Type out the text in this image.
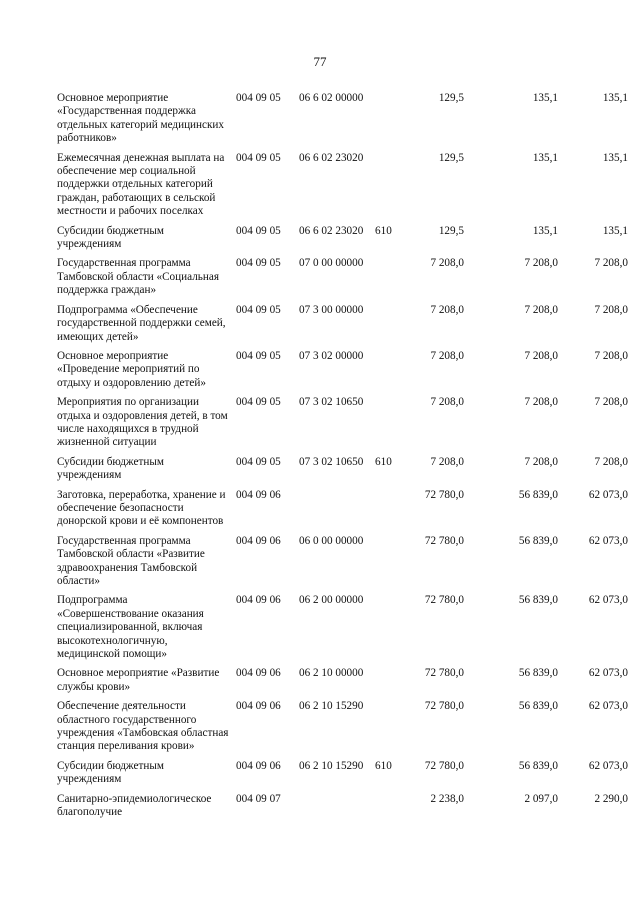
77
Основное мероприятие «Государственная поддержка отдельных категорий медицинских работников»
004 09 05	06 6 02 00000	129,5	135,1	135,1
Ежемесячная денежная выплата на обеспечение мер социальной поддержки отдельных категорий граждан, работающих в сельской местности и рабочих поселках
004 09 05	06 6 02 23020	129,5	135,1	135,1
Субсидии бюджетным учреждениям
004 09 05	06 6 02 23020	610	129,5	135,1	135,1
Государственная программа Тамбовской области «Социальная поддержка граждан»
004 09 05	07 0 00 00000	7 208,0	7 208,0	7 208,0
Подпрограмма «Обеспечение государственной поддержки семей, имеющих детей»
004 09 05	07 3 00 00000	7 208,0	7 208,0	7 208,0
Основное мероприятие «Проведение мероприятий по отдыху и оздоровлению детей»
004 09 05	07 3 02 00000	7 208,0	7 208,0	7 208,0
Мероприятия по организации отдыха и оздоровления детей, в том числе находящихся в трудной жизненной ситуации
004 09 05	07 3 02 10650	7 208,0	7 208,0	7 208,0
Субсидии бюджетным учреждениям
004 09 05	07 3 02 10650	610	7 208,0	7 208,0	7 208,0
Заготовка, переработка, хранение и обеспечение безопасности донорской крови и её компонентов
004 09 06	72 780,0	56 839,0	62 073,0
Государственная программа Тамбовской области «Развитие здравоохранения Тамбовской области»
004 09 06	06 0 00 00000	72 780,0	56 839,0	62 073,0
Подпрограмма «Совершенствование оказания специализированной, включая высокотехнологичную, медицинской помощи»
004 09 06	06 2 00 00000	72 780,0	56 839,0	62 073,0
Основное мероприятие «Развитие службы крови»
004 09 06	06 2 10 00000	72 780,0	56 839,0	62 073,0
Обеспечение деятельности областного государственного учреждения «Тамбовская областная станция переливания крови»
004 09 06	06 2 10 15290	72 780,0	56 839,0	62 073,0
Субсидии бюджетным учреждениям
004 09 06	06 2 10 15290	610	72 780,0	56 839,0	62 073,0
Санитарно-эпидемиологическое благополучие
004 09 07	2 238,0	2 097,0	2 290,0
